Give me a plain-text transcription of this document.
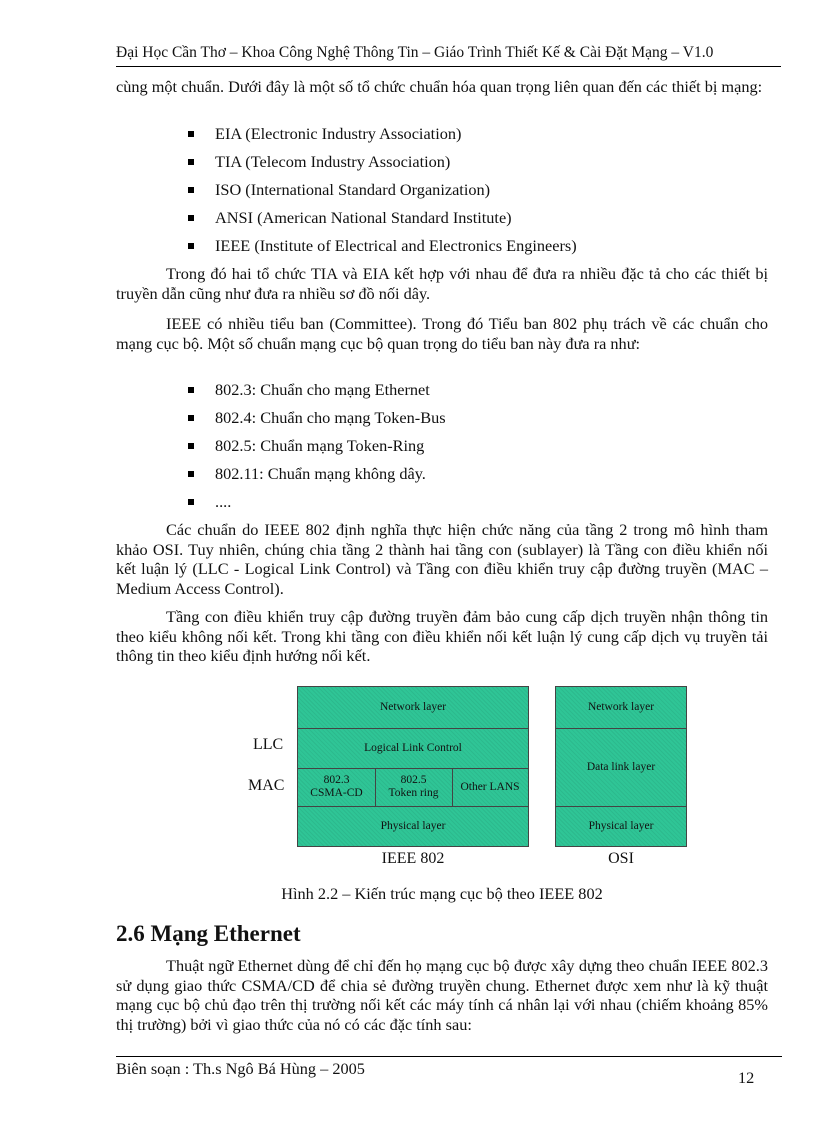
Đại Học Cần Thơ – Khoa Công Nghệ Thông Tin – Giáo Trình Thiết Kế & Cài Đặt Mạng – V1.0
cùng một chuẩn. Dưới đây là một số tổ chức chuẩn hóa quan trọng liên quan đến các thiết bị mạng:
EIA (Electronic Industry Association)
TIA (Telecom Industry Association)
ISO (International Standard Organization)
ANSI (American National Standard Institute)
IEEE (Institute of Electrical and Electronics Engineers)
Trong đó hai tổ chức TIA và EIA kết hợp với nhau để đưa ra nhiều đặc tả cho các thiết bị truyền dẫn cũng như đưa ra nhiều sơ đồ nối dây.
IEEE có nhiều tiểu ban (Committee). Trong đó Tiểu ban 802 phụ trách về các chuẩn cho mạng cục bộ. Một số chuẩn mạng cục bộ quan trọng do tiểu ban này đưa ra như:
802.3: Chuẩn cho mạng Ethernet
802.4: Chuẩn cho mạng Token-Bus
802.5: Chuẩn mạng Token-Ring
802.11: Chuẩn mạng không dây.
....
Các chuẩn do IEEE 802 định nghĩa thực hiện chức năng của tầng 2 trong mô hình tham khảo OSI. Tuy nhiên, chúng chia tầng 2 thành hai tầng con (sublayer) là Tầng con điều khiển nối kết luận lý (LLC - Logical Link Control) và Tầng con điều khiển truy cập đường truyền (MAC – Medium Access Control).
Tầng con điều khiển truy cập đường truyền đảm bảo cung cấp dịch truyền nhận thông tin theo kiểu không nối kết. Trong khi tầng con điều khiển nối kết luận lý cung cấp dịch vụ truyền tải thông tin theo kiểu định hướng nối kết.
LLC
MAC
Network layer
Logical Link Control
802.3
CSMA-CD
802.5
Token ring
Other LANS
Physical layer
Network layer
Data link layer
Physical layer
IEEE 802	OSI
Hình 2.2 – Kiến trúc mạng cục bộ theo IEEE 802
2.6 Mạng Ethernet
Thuật ngữ Ethernet dùng để chỉ đến họ mạng cục bộ được xây dựng theo chuẩn IEEE 802.3 sử dụng giao thức CSMA/CD để chia sẻ đường truyền chung. Ethernet được xem như là kỹ thuật mạng cục bộ chủ đạo trên thị trường nối kết các máy tính cá nhân lại với nhau (chiếm khoảng 85% thị trường) bởi vì giao thức của nó có các đặc tính sau:
Biên soạn : Th.s Ngô Bá Hùng – 2005	12
